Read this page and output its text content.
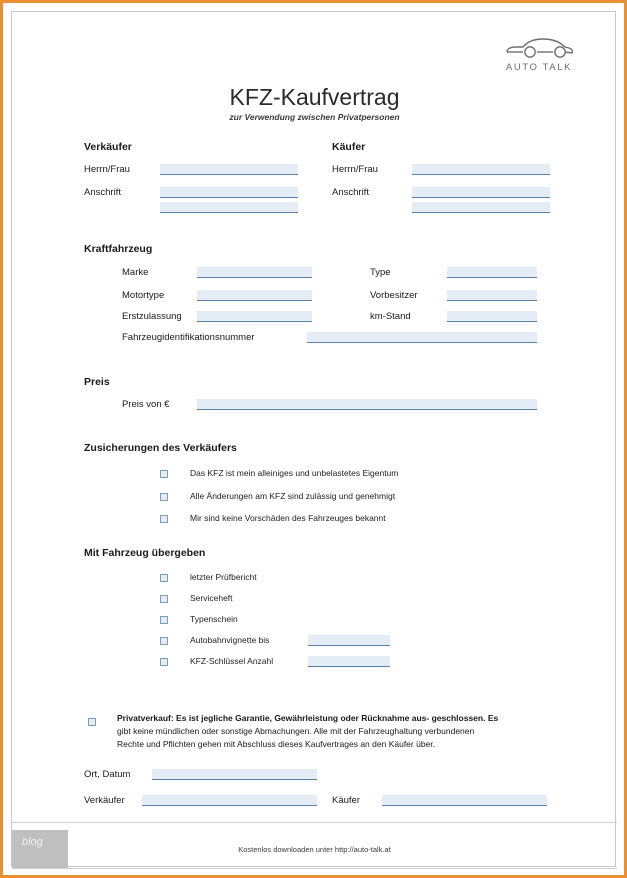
AUTO TALK
KFZ-Kaufvertrag
zur Verwendung zwischen Privatpersonen
Verkäufer	Käufer
Herrn/Frau	Herrn/Frau
Anschrift	Anschrift
Kraftfahrzeug
Marke	Type
Motortype	Vorbesitzer
Erstzulassung	km-Stand
Fahrzeugidentifikationsnummer
Preis
Preis von €
Zusicherungen des Verkäufers
Das KFZ ist mein alleiniges und unbelastetes Eigentum
Alle Änderungen am KFZ sind zulässig und genehmigt
Mir sind keine Vorschäden des Fahrzeuges bekannt
Mit Fahrzeug übergeben
letzter Prüfbericht
Serviceheft
Typenschein
Autobahnvignette bis
KFZ-Schlüssel Anzahl
Privatverkauf: Es ist jegliche Garantie, Gewährleistung oder Rücknahme aus- geschlossen. Es
gibt keine mündlichen oder sonstige Abmachungen. Alle mit der Fahrzeughaltung verbundenen
Rechte und Pflichten gehen mit Abschluss dieses Kaufvertrages an den Käufer über.
Ort, Datum
Verkäufer	Käufer
blog
Kostenlos downloaden unter http://auto-talk.at
